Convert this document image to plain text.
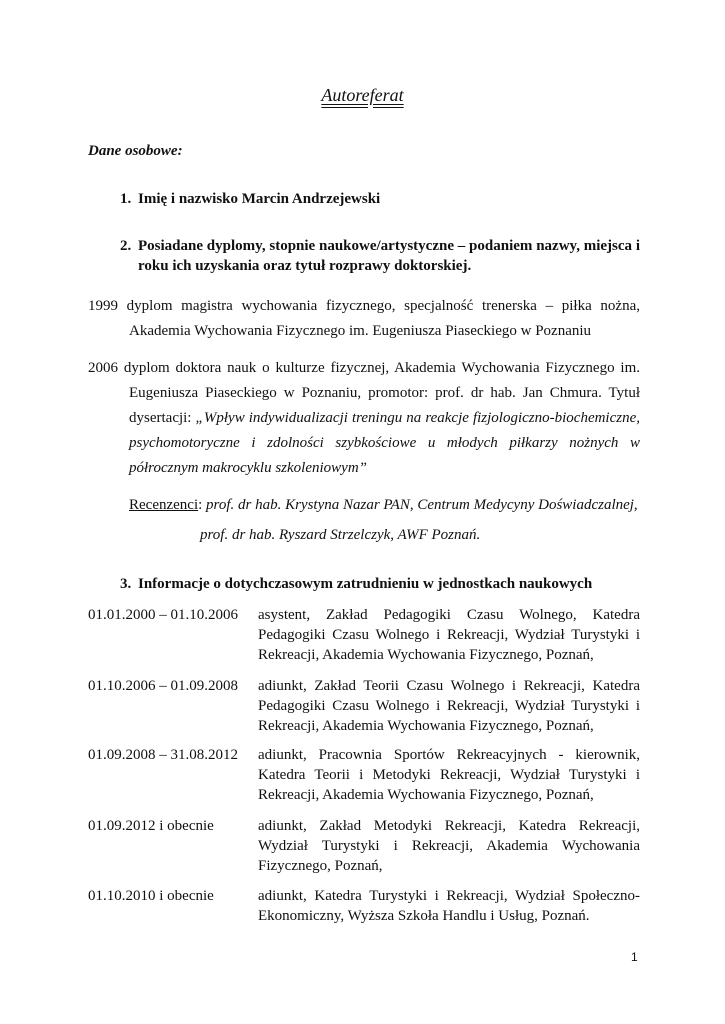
Autoreferat
Dane osobowe:
1. Imię i nazwisko Marcin Andrzejewski
2. Posiadane dyplomy, stopnie naukowe/artystyczne – podaniem nazwy, miejsca i roku ich uzyskania oraz tytuł rozprawy doktorskiej.
1999 dyplom magistra wychowania fizycznego, specjalność trenerska – piłka nożna, Akademia Wychowania Fizycznego im. Eugeniusza Piaseckiego w Poznaniu
2006 dyplom doktora nauk o kulturze fizycznej, Akademia Wychowania Fizycznego im. Eugeniusza Piaseckiego w Poznaniu, promotor: prof. dr hab. Jan Chmura. Tytuł dysertacji: „Wpływ indywidualizacji treningu na reakcje fizjologiczno-biochemiczne, psychomotoryczne i zdolności szybkościowe u młodych piłkarzy nożnych w półrocznym makrocyklu szkoleniowym”
Recenzenci: prof. dr hab. Krystyna Nazar PAN, Centrum Medycyny Doświadczalnej,
prof. dr hab. Ryszard Strzelczyk, AWF Poznań.
3. Informacje o dotychczasowym zatrudnieniu w jednostkach naukowych
01.01.2000 – 01.10.2006	asystent, Zakład Pedagogiki Czasu Wolnego, Katedra Pedagogiki Czasu Wolnego i Rekreacji, Wydział Turystyki i Rekreacji, Akademia Wychowania Fizycznego, Poznań,
01.10.2006 – 01.09.2008	adiunkt, Zakład Teorii Czasu Wolnego i Rekreacji, Katedra Pedagogiki Czasu Wolnego i Rekreacji, Wydział Turystyki i Rekreacji, Akademia Wychowania Fizycznego, Poznań,
01.09.2008 – 31.08.2012	adiunkt, Pracownia Sportów Rekreacyjnych - kierownik, Katedra Teorii i Metodyki Rekreacji, Wydział Turystyki i Rekreacji, Akademia Wychowania Fizycznego, Poznań,
01.09.2012 i obecnie	adiunkt, Zakład Metodyki Rekreacji, Katedra Rekreacji, Wydział Turystyki i Rekreacji, Akademia Wychowania Fizycznego, Poznań,
01.10.2010 i obecnie	adiunkt, Katedra Turystyki i Rekreacji, Wydział Społeczno-Ekonomiczny, Wyższa Szkoła Handlu i Usług, Poznań.
1
